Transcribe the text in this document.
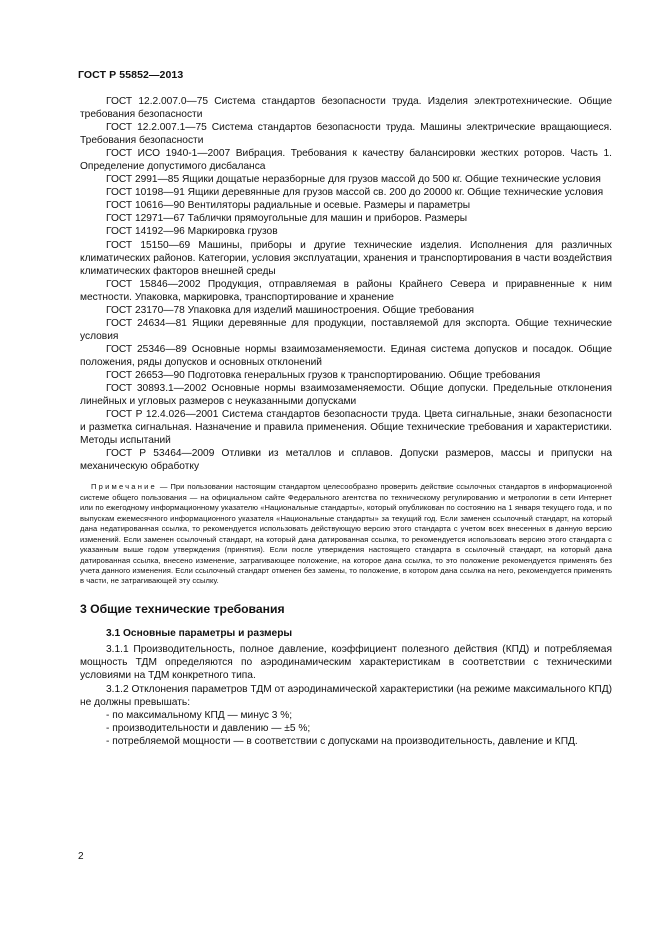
ГОСТ Р 55852—2013

ГОСТ 12.2.007.0—75 Система стандартов безопасности труда. Изделия электротехнические. Общие требования безопасности

ГОСТ 12.2.007.1—75 Система стандартов безопасности труда. Машины электрические вращающиеся. Требования безопасности

ГОСТ ИСО 1940-1—2007 Вибрация. Требования к качеству балансировки жестких роторов. Часть 1. Определение допустимого дисбаланса

ГОСТ 2991—85 Ящики дощатые неразборные для грузов массой до 500 кг. Общие технические условия

ГОСТ 10198—91 Ящики деревянные для грузов массой св. 200 до 20000 кг. Общие технические условия

ГОСТ 10616—90 Вентиляторы радиальные и осевые. Размеры и параметры

ГОСТ 12971—67 Таблички прямоугольные для машин и приборов. Размеры

ГОСТ 14192—96 Маркировка грузов

ГОСТ 15150—69 Машины, приборы и другие технические изделия. Исполнения для различных климатических районов. Категории, условия эксплуатации, хранения и транспортирования в части воздействия климатических факторов внешней среды

ГОСТ 15846—2002 Продукция, отправляемая в районы Крайнего Севера и приравненные к ним местности. Упаковка, маркировка, транспортирование и хранение

ГОСТ 23170—78 Упаковка для изделий машиностроения. Общие требования

ГОСТ 24634—81 Ящики деревянные для продукции, поставляемой для экспорта. Общие технические условия

ГОСТ 25346—89 Основные нормы взаимозаменяемости. Единая система допусков и посадок. Общие положения, ряды допусков и основных отклонений

ГОСТ 26653—90 Подготовка генеральных грузов к транспортированию. Общие требования

ГОСТ 30893.1—2002 Основные нормы взаимозаменяемости. Общие допуски. Предельные отклонения линейных и угловых размеров с неуказанными допусками

ГОСТ Р 12.4.026—2001 Система стандартов безопасности труда. Цвета сигнальные, знаки безопасности и разметка сигнальная. Назначение и правила применения. Общие технические требования и характеристики. Методы испытаний

ГОСТ Р 53464—2009 Отливки из металлов и сплавов. Допуски размеров, массы и припуски на механическую обработку

Примечание — При пользовании настоящим стандартом целесообразно проверить действие ссылочных стандартов в информационной системе общего пользования — на официальном сайте Федерального агентства по техническому регулированию и метрологии в сети Интернет или по ежегодному информационному указателю «Национальные стандарты», который опубликован по состоянию на 1 января текущего года, и по выпускам ежемесячного информационного указателя «Национальные стандарты» за текущий год. Если заменен ссылочный стандарт, на который дана недатированная ссылка, то рекомендуется использовать действующую версию этого стандарта с учетом всех внесенных в данную версию изменений. Если заменен ссылочный стандарт, на который дана датированная ссылка, то рекомендуется использовать версию этого стандарта с указанным выше годом утверждения (принятия). Если после утверждения настоящего стандарта в ссылочный стандарт, на который дана датированная ссылка, внесено изменение, затрагивающее положение, на которое дана ссылка, то это положение рекомендуется применять без учета данного изменения. Если ссылочный стандарт отменен без замены, то положение, в котором дана ссылка на него, рекомендуется применять в части, не затрагивающей эту ссылку.

3 Общие технические требования
3.1 Основные параметры и размеры

3.1.1 Производительность, полное давление, коэффициент полезного действия (КПД) и потребляемая мощность ТДМ определяются по аэродинамическим характеристикам в соответствии с техническими условиями на ТДМ конкретного типа.

3.1.2 Отклонения параметров ТДМ от аэродинамической характеристики (на режиме максимального КПД) не должны превышать:

- по максимальному КПД — минус 3 %;
- производительности и давлению — ±5 %;
- потребляемой мощности — в соответствии с допусками на производительность, давление и КПД.
2
